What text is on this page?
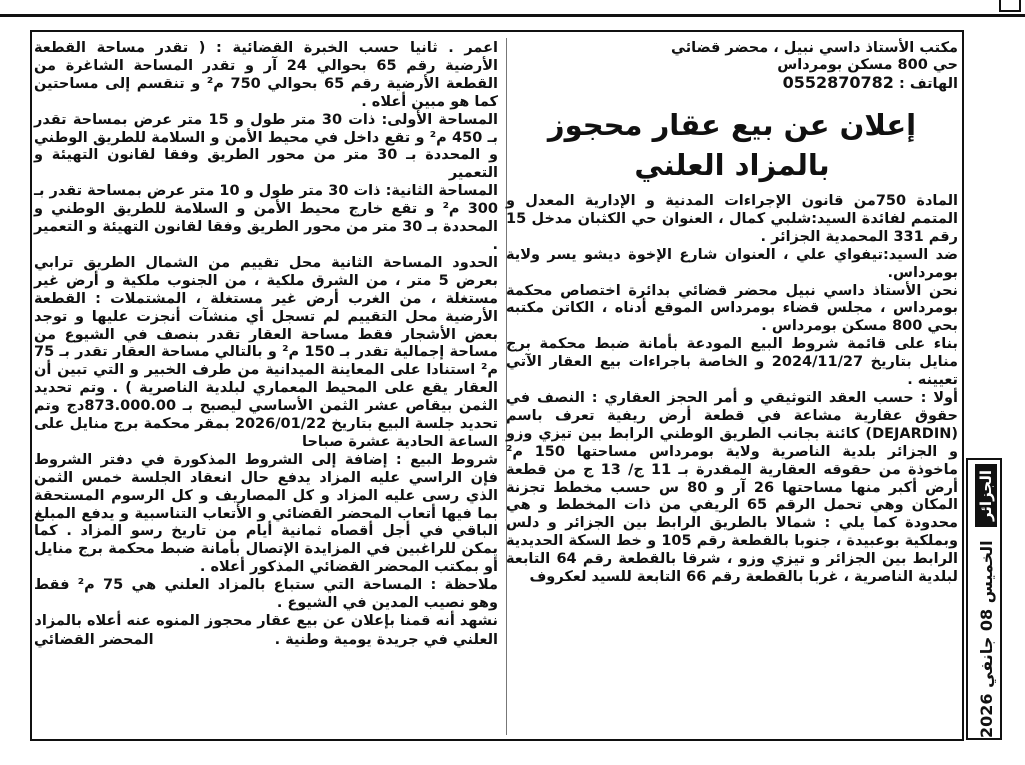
مكتب الأستاذ داسي نبيل ، محضر قضائي

حي 800 مسكن بومرداس

الهاتف : 0552870782

إعلان عن بيع عقار محجوز بالمزاد العلني

المادة 750من قانون الإجراءات المدنية و الإدارية المعدل و المتمم لفائدة السيد:شلبي كمال ، العنوان حي الكثبان مدخل 15 رقم 331 المحمدية الجزائر .

ضد السيد:تيفواي علي ، العنوان شارع الإخوة ديشو يسر ولاية بومرداس.

نحن الأستاذ داسي نبيل محضر قضائي بدائرة اختصاص محكمة بومرداس ، مجلس قضاء بومرداس الموقع أدناه ، الكاتن مكتبه بحي 800 مسكن بومرداس .

بناء على قائمة شروط البيع المودعة بأمانة ضبط محكمة برج منايل بتاريخ 2024/11/27 و الخاصة باجراءات بيع العقار الآتي تعيينه .

أولا : حسب العقد التوثيقي و أمر الحجز العقاري : النصف في حقوق عقارية مشاعة في قطعة أرض ريفية تعرف باسم (DEJARDIN) كائنة بجانب الطريق الوطني الرابط بين تيزي وزو و الجزائر بلدية الناصرية ولاية بومرداس مساحتها 150 م² ماخوذة من حقوقه العقارية المقدرة بـ 11 ج/ 13 ج من قطعة أرض أكبر منها مساحتها 26 آر و 80 س حسب مخطط تجزنة المكان وهي تحمل الرقم 65 الريفي من ذات المخطط و هي محدودة كما يلي : شمالا بالطريق الرابط بين الجزائر و دلس وبملكية بوعبيدة ، جنوبا بالقطعة رقم 105 و خط السكة الحديدية الرابط بين الجزائر و تيزي وزو ، شرقا بالقطعة رقم 64 التابعة لبلدية الناصرية ، غربا بالقطعة رقم 66 التابعة للسيد لعكروف

اعمر . ثانيا حسب الخبرة القضائية : ( تقدر مساحة القطعة الأرضية رقم 65 بحوالي 24 آر و تقدر المساحة الشاغرة من القطعة الأرضية رقم 65 بحوالي 750 م² و تنقسم إلى مساحتين كما هو مبين أعلاه .

المساحة الأولى: ذات 30 متر طول و 15 متر عرض بمساحة تقدر بـ 450 م² و تقع داخل في محيط الأمن و السلامة للطريق الوطني و المحددة بـ 30 متر من محور الطريق وفقا لقانون التهيئة و التعمير

المساحة الثانية: ذات 30 متر طول و 10 متر عرض بمساحة تقدر بـ 300 م² و تقع خارج محيط الأمن و السلامة للطريق الوطني و المحددة بـ 30 متر من محور الطريق وفقا لقانون التهيئة و التعمير .

الحدود المساحة الثانية محل تقييم من الشمال الطريق ترابي بعرض 5 متر ، من الشرق ملكية ، من الجنوب ملكية و أرض غير مستغلة ، من الغرب أرض غير مستغلة ، المشتملات : القطعة الأرضية محل التقييم لم تسجل أي منشآت أنجزت عليها و توجد بعض الأشجار فقط مساحة العقار تقدر بنصف في الشيوع من مساحة إجمالية تقدر بـ 150 م² و بالتالي مساحة العقار تقدر بـ 75 م² استنادا على المعاينة الميدانية من طرف الخبير و التي تبين أن العقار يقع على المحيط المعماري لبلدية الناصرية ) . وتم تحديد الثمن بيقاص عشر الثمن الأساسي ليصبح بـ 873.000.00دج وتم تحديد جلسة البيع بتاريخ 2026/01/22 بمقر محكمة برج منايل على الساعة الحادية عشرة صباحا

شروط البيع : إضافة إلى الشروط المذكورة في دفتر الشروط فإن الراسي عليه المزاد يدفع حال انعقاد الجلسة خمس الثمن الذي رسى عليه المزاد و كل المصاريف و كل الرسوم المستحقة بما فيها أتعاب المحضر القضائي و الأتعاب التناسبية و يدفع المبلغ الباقي في أجل أقصاه ثمانية أيام من تاريخ رسو المزاد . كما يمكن للراغبين في المزايدة الإتصال بأمانة ضبط محكمة برج منايل أو بمكتب المحضر القضائي المذكور أعلاه .

ملاحظة : المساحة التي ستباع بالمزاد العلني هي 75 م² فقط وهو نصيب المدين في الشيوع .

نشهد أنه قمنا بإعلان عن بيع عقار محجوز المنوه عنه أعلاه بالمزاد

العلني في جريدة يومية وطنية .
المحضر القضائي
الجزائر
الخميس 08 جانفي 2026
